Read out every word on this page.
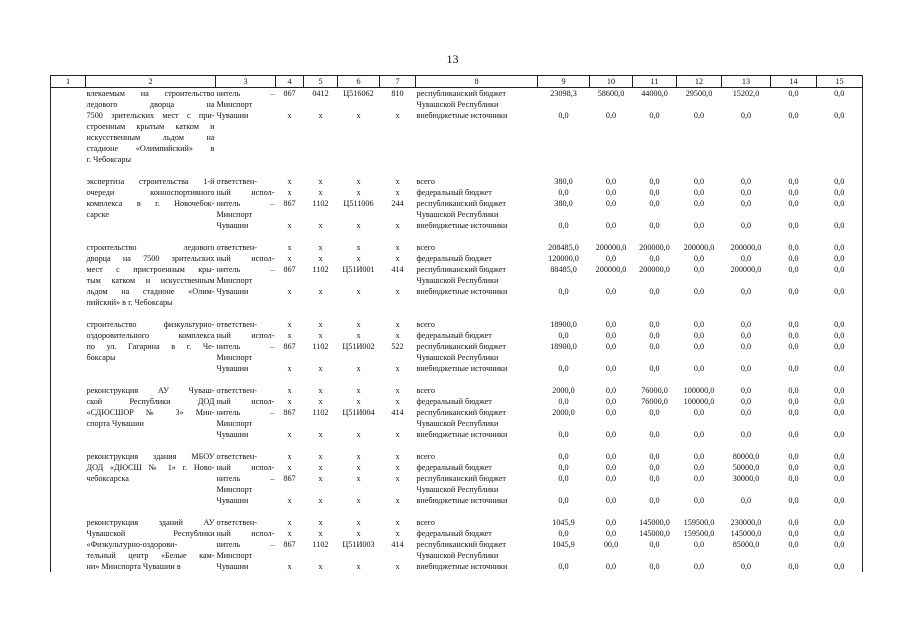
13
1	2	3	4	5	6	7	8	9	10	11	12	13	14	15
	влекаемым на строительство	нитель –	867	0412	Ц516062	810	республиканский бюджет	23098,3	58600,0	44000,0	29500,0	15202,0	0,0	0,0
	ледового дворца на	Минспорт					Чувашской Республики							
	7500 зрительских мест с при-	Чувашии	x	x	x	x	внебюджетные источники	0,0	0,0	0,0	0,0	0,0	0,0	0,0
	строенным крытым катком и													
	искусственным льдом на													
	стадионе «Олимпийский» в													
	г. Чебоксары													

	экспертиза строительства 1-й	ответствен-	x	x	x	x	всего	380,0	0,0	0,0	0,0	0,0	0,0	0,0
	очереди конноспортивного	ный испол-	x	x	x	x	федеральный бюджет	0,0	0,0	0,0	0,0	0,0	0,0	0,0
	комплекса в г. Новочебок-	нитель –	867	1102	Ц511006	244	республиканский бюджет	380,0	0,0	0,0	0,0	0,0	0,0	0,0
	сарске	Минспорт					Чувашской Республики							
		Чувашии	x	x	x	x	внебюджетные источники	0,0	0,0	0,0	0,0	0,0	0,0	0,0

	строительство ледового	ответствен-	x	x	x	x	всего	208485,0	200000,0	200000,0	200000,0	200000,0	0,0	0,0
	дворца на 7500 зрительских	ный испол-	x	x	x	x	федеральный бюджет	120000,0	0,0	0,0	0,0	0,0	0,0	0,0
	мест с пристроенным кры-	нитель –	867	1102	Ц51И001	414	республиканский бюджет	88485,0	200000,0	200000,0	0,0	200000,0	0,0	0,0
	тым катком и искусственным	Минспорт					Чувашской Республики							
	льдом на стадионе «Олим-	Чувашии	x	x	x	x	внебюджетные источники	0,0	0,0	0,0	0,0	0,0	0,0	0,0
	пийский» в г. Чебоксары													

	строительство физкультурно-	ответствен-	x	x	x	x	всего	18900,0	0,0	0,0	0,0	0,0	0,0	0,0
	оздоровительного комплекса	ный испол-	x	x	x	x	федеральный бюджет	0,0	0,0	0,0	0,0	0,0	0,0	0,0
	по ул. Гагарина в г. Че-	нитель –	867	1102	Ц51И002	522	республиканский бюджет	18900,0	0,0	0,0	0,0	0,0	0,0	0,0
	боксары	Минспорт					Чувашской Республики							
		Чувашии	x	x	x	x	внебюджетные источники	0,0	0,0	0,0	0,0	0,0	0,0	0,0

	реконструкция АУ Чуваш-	ответствен-	x	x	x	x	всего	2000,0	0,0	76000,0	100000,0	0,0	0,0	0,0
	ской Республики ДОД	ный испол-	x	x	x	x	федеральный бюджет	0,0	0,0	76000,0	100000,0	0,0	0,0	0,0
	«СДЮСШОР № 3» Мин-	нитель –	867	1102	Ц51И004	414	республиканский бюджет	2000,0	0,0	0,0	0,0	0,0	0,0	0,0
	спорта Чувашии	Минспорт					Чувашской Республики							
		Чувашии	x	x	x	x	внебюджетные источники	0,0	0,0	0,0	0,0	0,0	0,0	0,0

	реконструкция здания МБОУ	ответствен-	x	x	x	x	всего	0,0	0,0	0,0	0,0	80000,0	0,0	0,0
	ДОД «ДЮСШ № 1» г. Ново-	ный испол-	x	x	x	x	федеральный бюджет	0,0	0,0	0,0	0,0	50000,0	0,0	0,0
	чебоксарска	нитель –	867	x	x	x	республиканский бюджет	0,0	0,0	0,0	0,0	30000,0	0,0	0,0
		Минспорт					Чувашской Республики							
		Чувашии	x	x	x	x	внебюджетные источники	0,0	0,0	0,0	0,0	0,0	0,0	0,0

	реконструкция зданий АУ	ответствен-	x	x	x	x	всего	1045,9	0,0	145000,0	159500,0	230000,0	0,0	0,0
	Чувашской Республики	ный испол-	x	x	x	x	федеральный бюджет	0,0	0,0	145000,0	159500,0	145000,0	0,0	0,0
	«Физкультурно-оздорови-	нитель –	867	1102	Ц51И003	414	республиканский бюджет	1045,9	00,0	0,0	0,0	85000,0	0,0	0,0
	тельный центр «Белые кам-	Минспорт					Чувашской Республики							
	ни» Минспорта Чувашии в	Чувашии	x	x	x	x	внебюджетные источники	0,0	0,0	0,0	0,0	0,0	0,0	0,0
